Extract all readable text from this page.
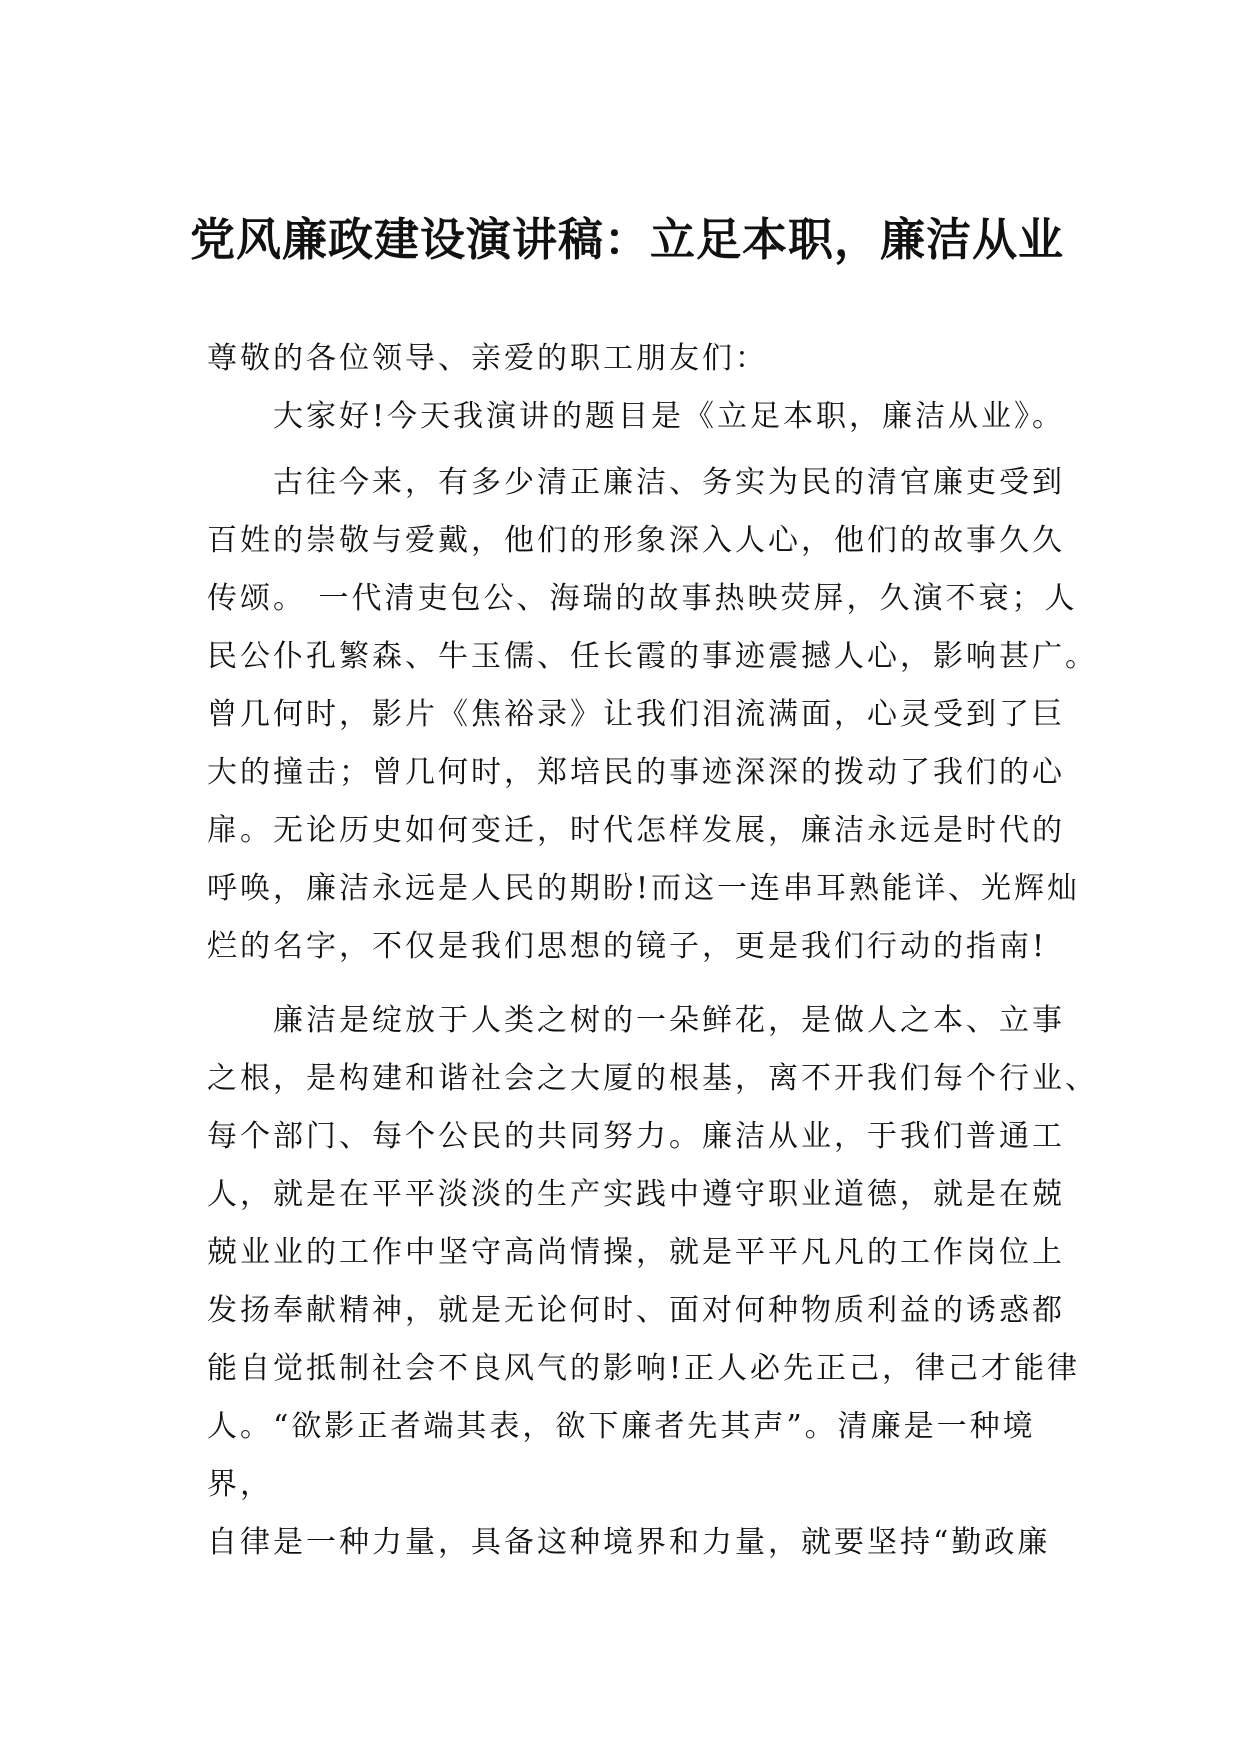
党风廉政建设演讲稿：立足本职，廉洁从业
尊敬的各位领导、亲爱的职工朋友们：
大家好!今天我演讲的题目是《立足本职，廉洁从业》。
古往今来，有多少清正廉洁、务实为民的清官廉吏受到
百姓的崇敬与爱戴，他们的形象深入人心，他们的故事久久
传颂。 一代清吏包公、海瑞的故事热映荧屏，久演不衰；人
民公仆孔繁森、牛玉儒、任长霞的事迹震撼人心，影响甚广。
曾几何时，影片《焦裕录》让我们泪流满面，心灵受到了巨
大的撞击；曾几何时，郑培民的事迹深深的拨动了我们的心
扉。无论历史如何变迁，时代怎样发展，廉洁永远是时代的
呼唤，廉洁永远是人民的期盼!而这一连串耳熟能详、光辉灿
烂的名字，不仅是我们思想的镜子，更是我们行动的指南!
廉洁是绽放于人类之树的一朵鲜花，是做人之本、立事
之根，是构建和谐社会之大厦的根基，离不开我们每个行业、
每个部门、每个公民的共同努力。廉洁从业，于我们普通工
人，就是在平平淡淡的生产实践中遵守职业道德，就是在兢
兢业业的工作中坚守高尚情操，就是平平凡凡的工作岗位上
发扬奉献精神，就是无论何时、面对何种物质利益的诱惑都
能自觉抵制社会不良风气的影响!正人必先正己，律己才能律
人。“欲影正者端其表，欲下廉者先其声”。清廉是一种境
界，
自律是一种力量，具备这种境界和力量，就要坚持“勤政廉
